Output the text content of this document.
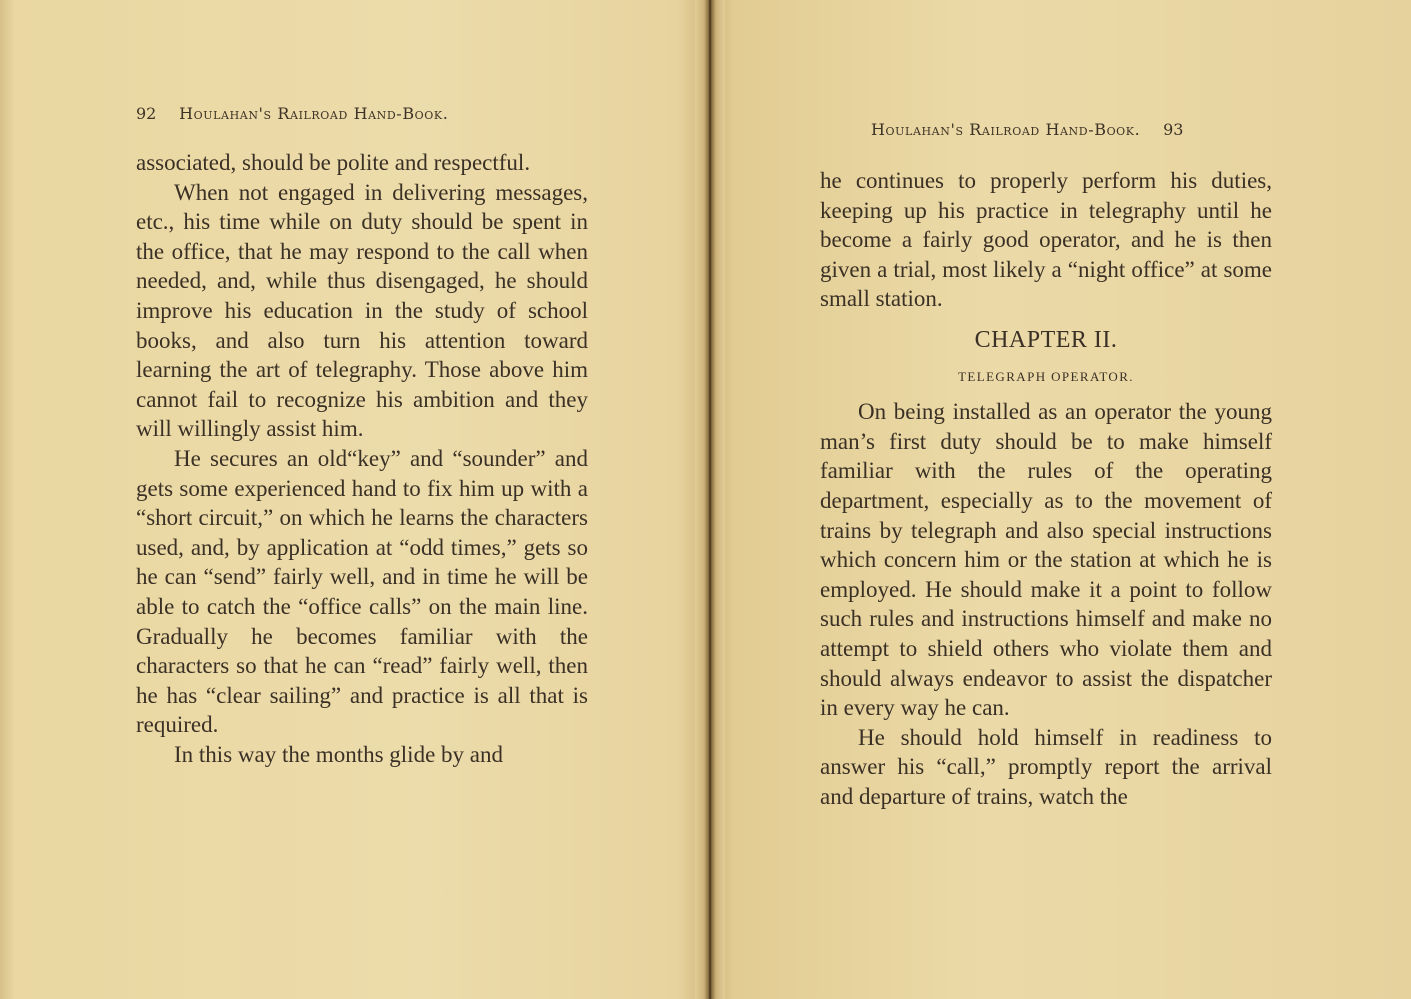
92 Houlahan's Railroad Hand-Book.

associated, should be polite and respectful.

When not engaged in delivering messages, etc., his time while on duty should be spent in the office, that he may respond to the call when needed, and, while thus disengaged, he should improve his education in the study of school books, and also turn his attention toward learning the art of telegraphy. Those above him cannot fail to recognize his ambition and they will willingly assist him.

He secures an old“key” and “sounder” and gets some experienced hand to fix him up with a “short circuit,” on which he learns the characters used, and, by application at “odd times,” gets so he can “send” fairly well, and in time he will be able to catch the “office calls” on the main line. Gradually he becomes familiar with the characters so that he can “read” fairly well, then he has “clear sailing” and practice is all that is required.

In this way the months glide by and

Houlahan's Railroad Hand-Book. 93

he continues to properly perform his duties, keeping up his practice in telegraphy until he become a fairly good operator, and he is then given a trial, most likely a “night office” at some small station.

CHAPTER II.
TELEGRAPH OPERATOR.

On being installed as an operator the young man’s first duty should be to make himself familiar with the rules of the operating department, especially as to the movement of trains by telegraph and also special instructions which concern him or the station at which he is employed. He should make it a point to follow such rules and instructions himself and make no attempt to shield others who violate them and should always endeavor to assist the dispatcher in every way he can.

He should hold himself in readiness to answer his “call,” promptly report the arrival and departure of trains, watch the
